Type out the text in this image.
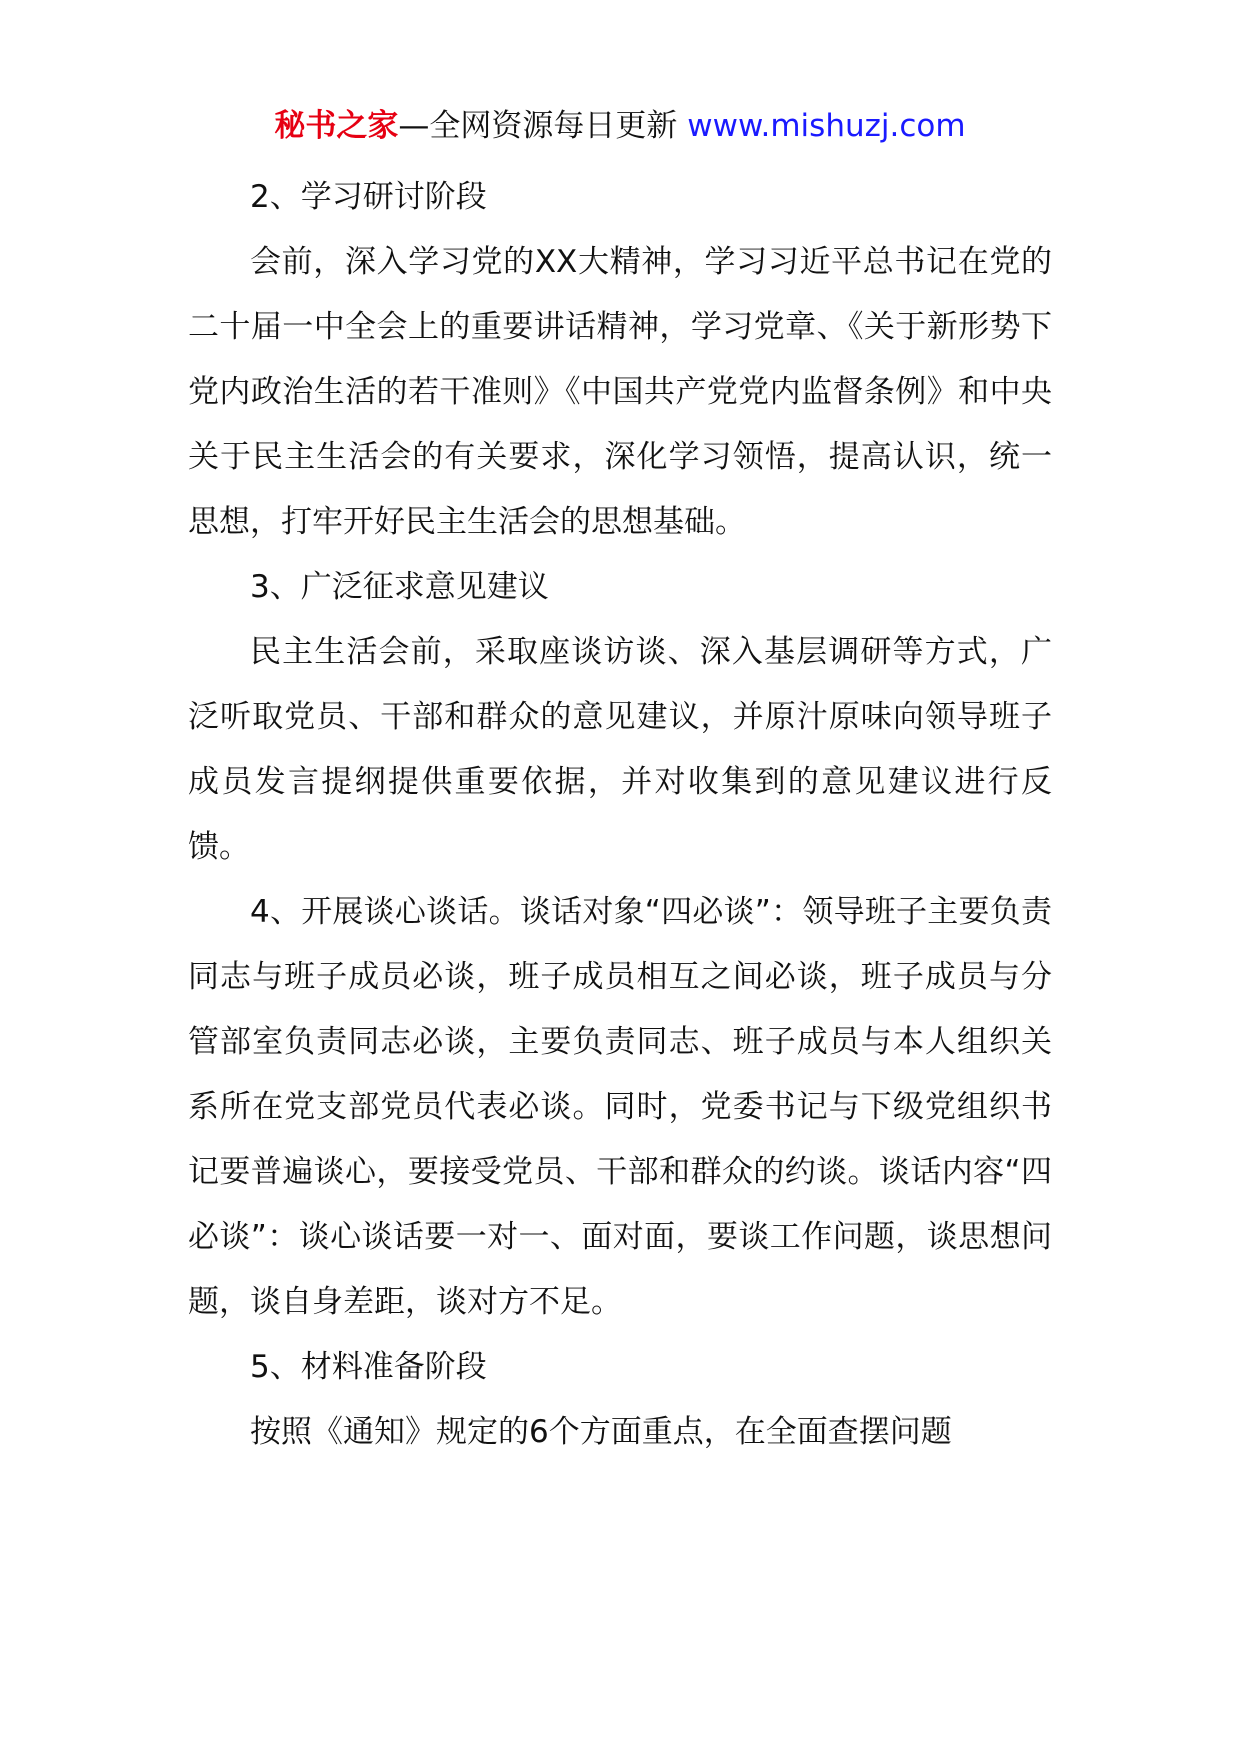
秘书之家—全网资源每日更新 www.mishuzj.com

2、学习研讨阶段

会前，深入学习党的XX大精神，学习习近平总书记在党的二十届一中全会上的重要讲话精神，学习党章、《关于新形势下党内政治生活的若干准则》《中国共产党党内监督条例》和中央关于民主生活会的有关要求，深化学习领悟，提高认识，统一思想，打牢开好民主生活会的思想基础。

3、广泛征求意见建议

民主生活会前，采取座谈访谈、深入基层调研等方式，广泛听取党员、干部和群众的意见建议，并原汁原味向领导班子成员发言提纲提供重要依据，并对收集到的意见建议进行反馈。

4、开展谈心谈话。谈话对象“四必谈”：领导班子主要负责同志与班子成员必谈，班子成员相互之间必谈，班子成员与分管部室负责同志必谈，主要负责同志、班子成员与本人组织关系所在党支部党员代表必谈。同时，党委书记与下级党组织书记要普遍谈心，要接受党员、干部和群众的约谈。谈话内容“四必谈”：谈心谈话要一对一、面对面，要谈工作问题，谈思想问题，谈自身差距，谈对方不足。

5、材料准备阶段

按照《通知》规定的6个方面重点，在全面查摆问题
